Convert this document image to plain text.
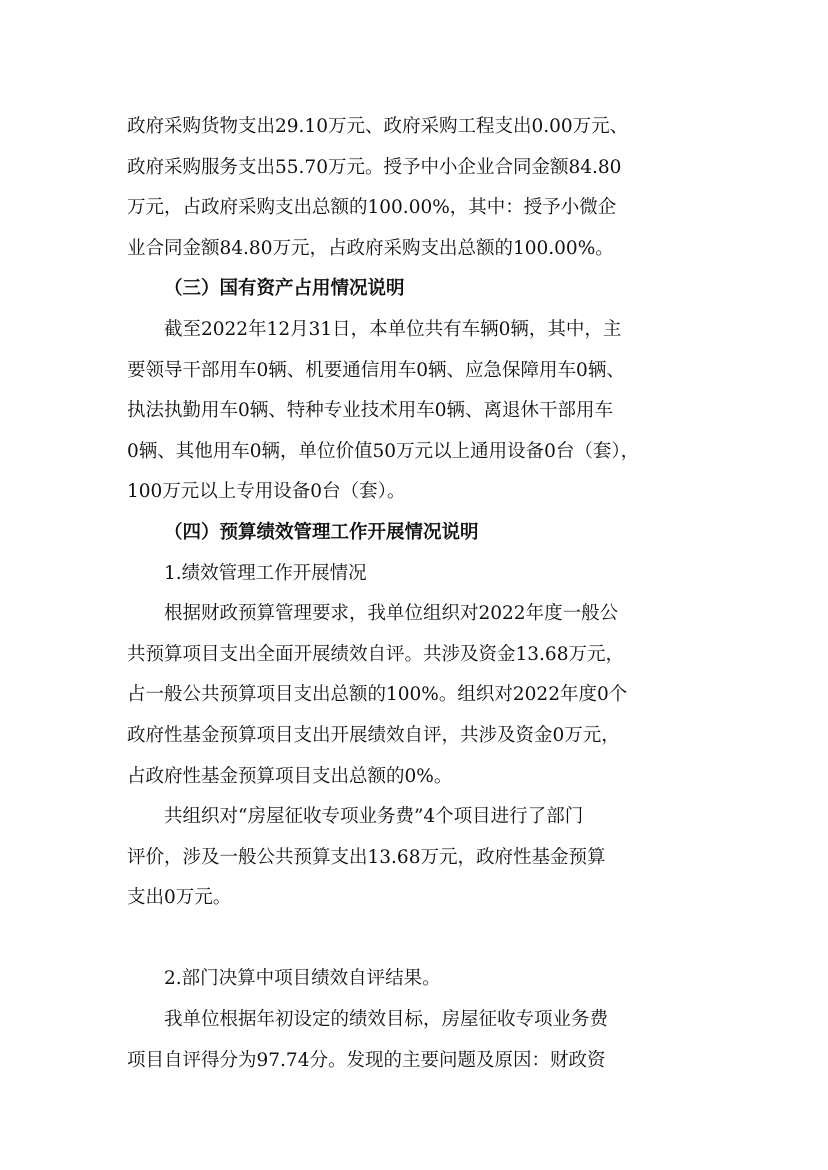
政府采购货物支出29.10万元、政府采购工程支出0.00万元、

政府采购服务支出55.70万元。授予中小企业合同金额84.80

万元，占政府采购支出总额的100.00%，其中：授予小微企

业合同金额84.80万元，占政府采购支出总额的100.00%。

（三）国有资产占用情况说明

截至2022年12月31日，本单位共有车辆0辆，其中，主

要领导干部用车0辆、机要通信用车0辆、应急保障用车0辆、

执法执勤用车0辆、特种专业技术用车0辆、离退休干部用车

0辆、其他用车0辆，单位价值50万元以上通用设备0台（套），

100万元以上专用设备0台（套）。

（四）预算绩效管理工作开展情况说明

1.绩效管理工作开展情况

根据财政预算管理要求，我单位组织对2022年度一般公

共预算项目支出全面开展绩效自评。共涉及资金13.68万元，

占一般公共预算项目支出总额的100%。组织对2022年度0个

政府性基金预算项目支出开展绩效自评，共涉及资金0万元，

占政府性基金预算项目支出总额的0%。

共组织对“房屋征收专项业务费”4个项目进行了部门

评价，涉及一般公共预算支出13.68万元，政府性基金预算

支出0万元。

2.部门决算中项目绩效自评结果。

我单位根据年初设定的绩效目标，房屋征收专项业务费

项目自评得分为97.74分。发现的主要问题及原因：财政资
